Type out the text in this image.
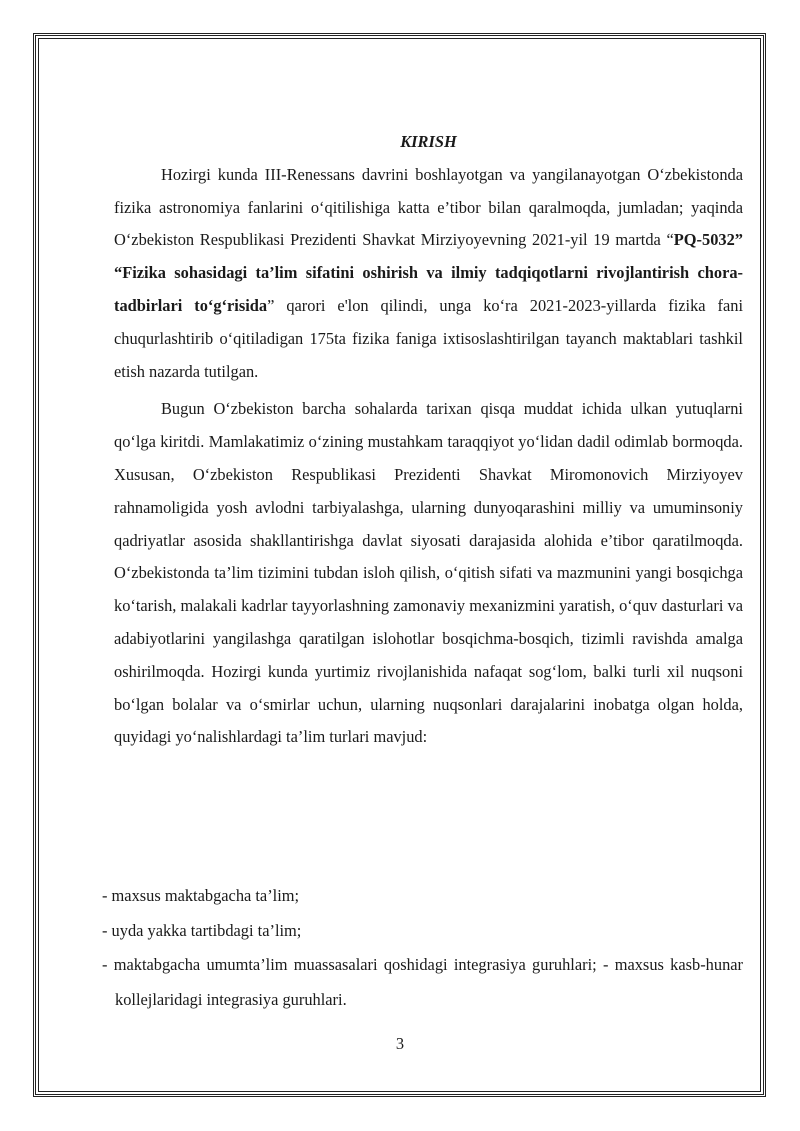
KIRISH

Hozirgi kunda III-Renessans davrini boshlayotgan va yangilanayotgan O‘zbekistonda fizika astronomiya fanlarini o‘qitilishiga katta e’tibor bilan qaralmoqda, jumladan; yaqinda O‘zbekiston Respublikasi Prezidenti Shavkat Mirziyoyevning 2021-yil 19 martda “PQ-5032” “Fizika sohasidagi ta’lim sifatini oshirish va ilmiy tadqiqotlarni rivojlantirish chora-tadbirlari to‘g‘risida” qarori e'lon qilindi, unga ko‘ra 2021-2023-yillarda fizika fani chuqurlashtirib o‘qitiladigan 175ta fizika faniga ixtisoslashtirilgan tayanch maktablari tashkil etish nazarda tutilgan.

Bugun O‘zbekiston barcha sohalarda tarixan qisqa muddat ichida ulkan yutuqlarni qo‘lga kiritdi. Mamlakatimiz o‘zining mustahkam taraqqiyot yo‘lidan dadil odimlab bormoqda. Xususan, O‘zbekiston Respublikasi Prezidenti Shavkat Miromonovich Mirziyoyev rahnamoligida yosh avlodni tarbiyalashga, ularning dunyoqarashini milliy va umuminsoniy qadriyatlar asosida shakllantirishga davlat siyosati darajasida alohida e’tibor qaratilmoqda. O‘zbekistonda ta’lim tizimini tubdan isloh qilish, o‘qitish sifati va mazmunini yangi bosqichga ko‘tarish, malakali kadrlar tayyorlashning zamonaviy mexanizmini yaratish, o‘quv dasturlari va adabiyotlarini yangilashga qaratilgan islohotlar bosqichma-bosqich, tizimli ravishda amalga oshirilmoqda. Hozirgi kunda yurtimiz rivojlanishida nafaqat sog‘lom, balki turli xil nuqsoni bo‘lgan bolalar va o‘smirlar uchun, ularning nuqsonlari darajalarini inobatga olgan holda, quyidagi yo‘nalishlardagi ta’lim turlari mavjud:

- maxsus maktabgacha ta’lim;
- uyda yakka tartibdagi ta’lim;
- maktabgacha umumta’lim muassasalari qoshidagi integrasiya guruhlari; - maxsus kasb-hunar kollejlaridagi integrasiya guruhlari.
3
